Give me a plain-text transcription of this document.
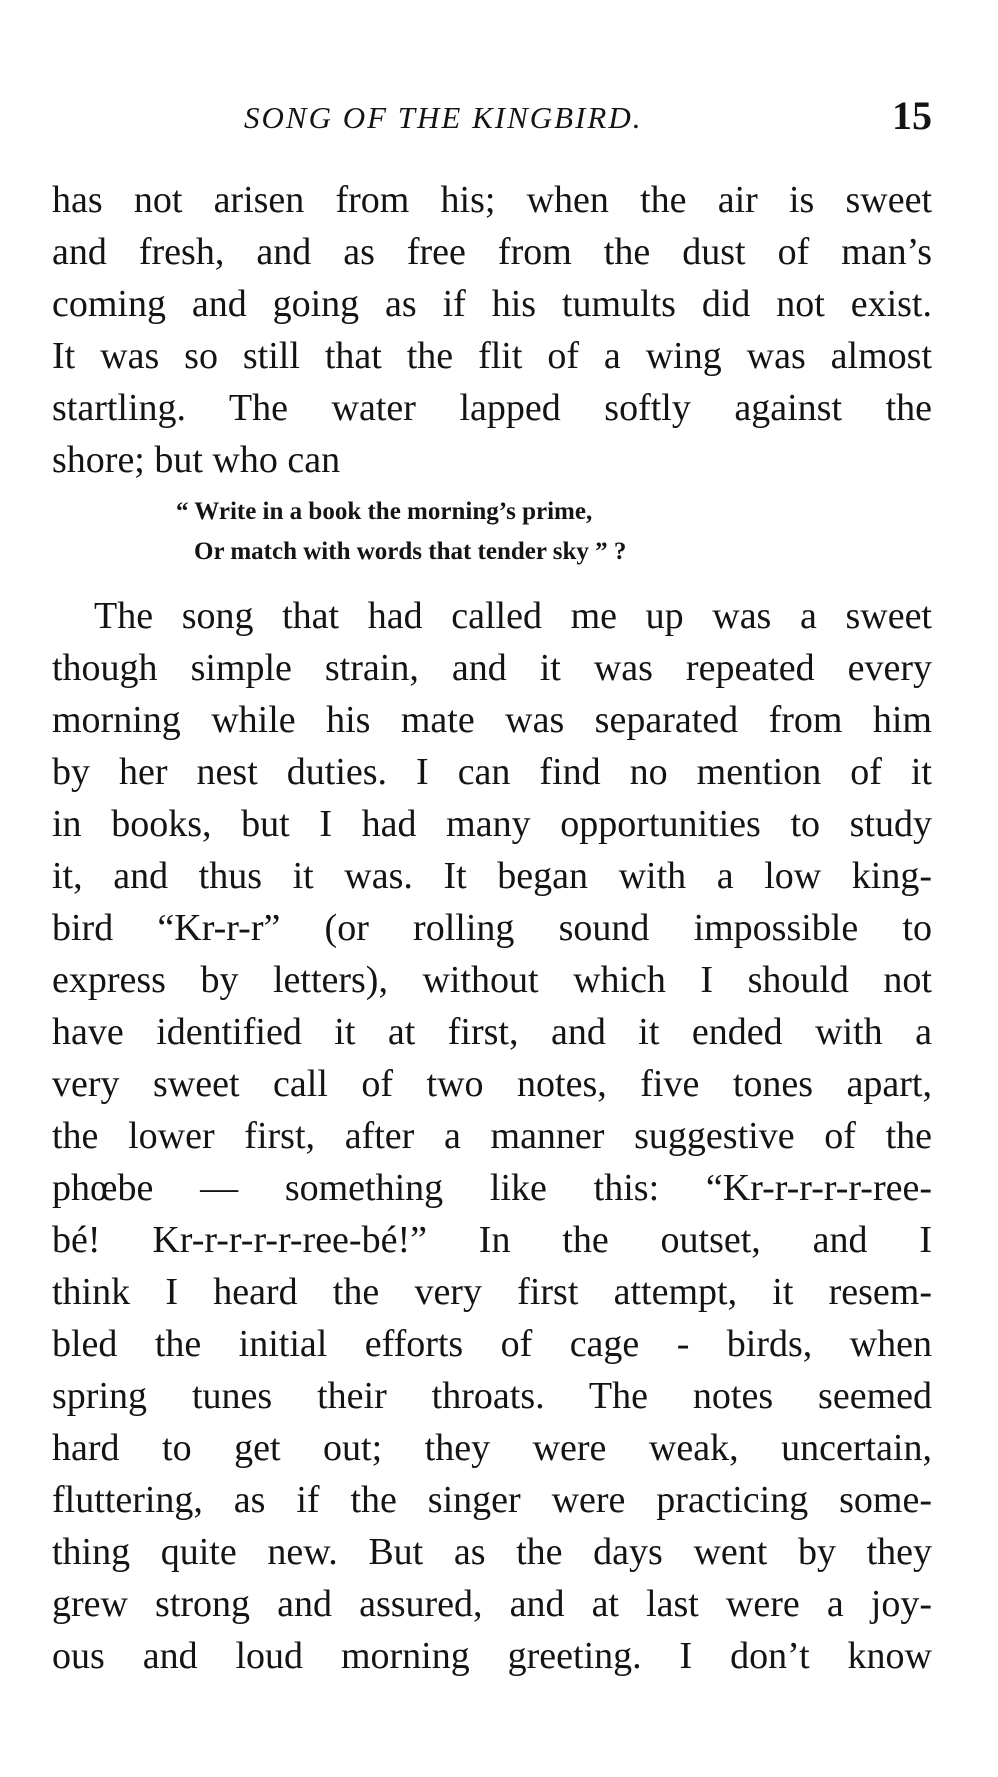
SONG OF THE KINGBIRD.	15
has not arisen from his; when the air is sweet
and fresh, and as free from the dust of man’s
coming and going as if his tumults did not exist.
It was so still that the flit of a wing was almost
startling. The water lapped softly against the
shore; but who can
“ Write in a book the morning’s prime,
Or match with words that tender sky ” ?
The song that had called me up was a sweet
though simple strain, and it was repeated every
morning while his mate was separated from him
by her nest duties. I can find no mention of it
in books, but I had many opportunities to study
it, and thus it was. It began with a low king-
bird “Kr-r-r” (or rolling sound impossible to
express by letters), without which I should not
have identified it at first, and it ended with a
very sweet call of two notes, five tones apart,
the lower first, after a manner suggestive of the
phœbe — something like this: “Kr-r-r-r-r-ree-
bé! Kr-r-r-r-r-ree-bé!” In the outset, and I
think I heard the very first attempt, it resem-
bled the initial efforts of cage - birds, when
spring tunes their throats. The notes seemed
hard to get out; they were weak, uncertain,
fluttering, as if the singer were practicing some-
thing quite new. But as the days went by they
grew strong and assured, and at last were a joy-
ous and loud morning greeting. I don’t know
